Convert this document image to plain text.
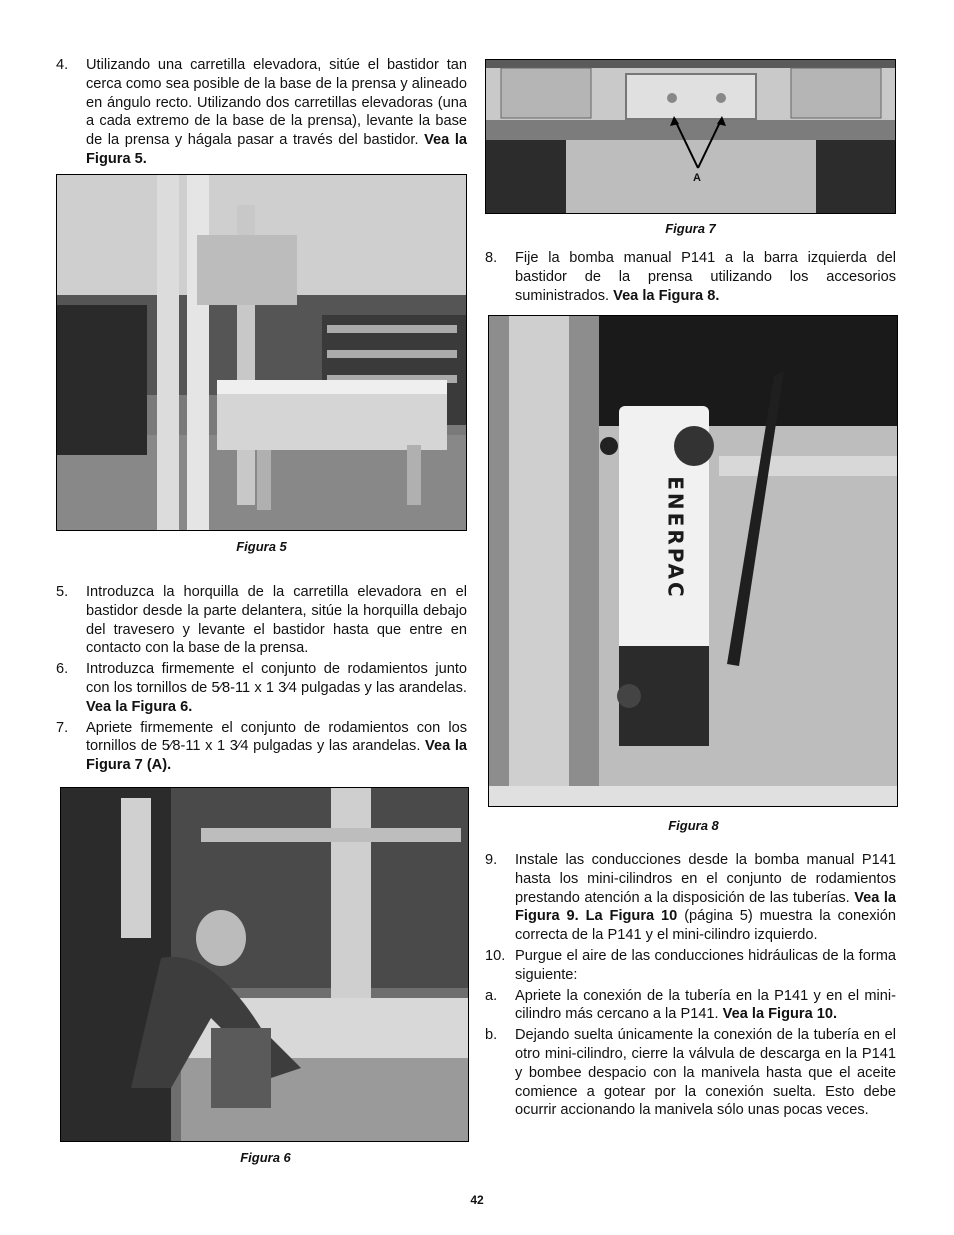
4.	Utilizando una carretilla elevadora, sitúe el bastidor tan cerca como sea posible de la base de la prensa y alineado en ángulo recto. Utilizando dos carretillas elevadoras (una a cada extremo de la base de la prensa), levante la base de la prensa y hágala pasar a través del bastidor. Vea la Figura 5.
Figura 5
5.	Introduzca la horquilla de la carretilla elevadora en el bastidor desde la parte delantera, sitúe la horquilla debajo del travesero y levante el bastidor hasta que entre en contacto con la base de la prensa.
6.	Introduzca firmemente el conjunto de rodamientos junto con los tornillos de 5⁄8-11 x 1 3⁄4 pulgadas y las arandelas. Vea la Figura 6.
7.	Apriete firmemente el conjunto de rodamientos con los tornillos de 5⁄8-11 x 1 3⁄4 pulgadas y las arandelas. Vea la Figura 7 (A).
Figura 6
A
Figura 7
8.	Fije la bomba manual P141 a la barra izquierda del bastidor de la prensa utilizando los accesorios suministrados. Vea la Figura 8.
ENERPAC
Figura 8
9.	Instale las conducciones desde la bomba manual P141 hasta los mini-cilindros en el conjunto de rodamientos prestando atención a la disposición de las tuberías. Vea la Figura 9. La Figura 10 (página 5) muestra la conexión correcta de la P141 y el mini-cilindro izquierdo.
10. Purgue el aire de las conducciones hidráulicas de la forma siguiente:
a.	Apriete la conexión de la tubería en la P141 y en el mini-cilindro más cercano a la P141. Vea la Figura 10.
b.	Dejando suelta únicamente la conexión de la tubería en el otro mini-cilindro, cierre la válvula de descarga en la P141 y bombee despacio con la manivela hasta que el aceite comience a gotear por la conexión suelta. Esto debe ocurrir accionando la manivela sólo unas pocas veces.
42
